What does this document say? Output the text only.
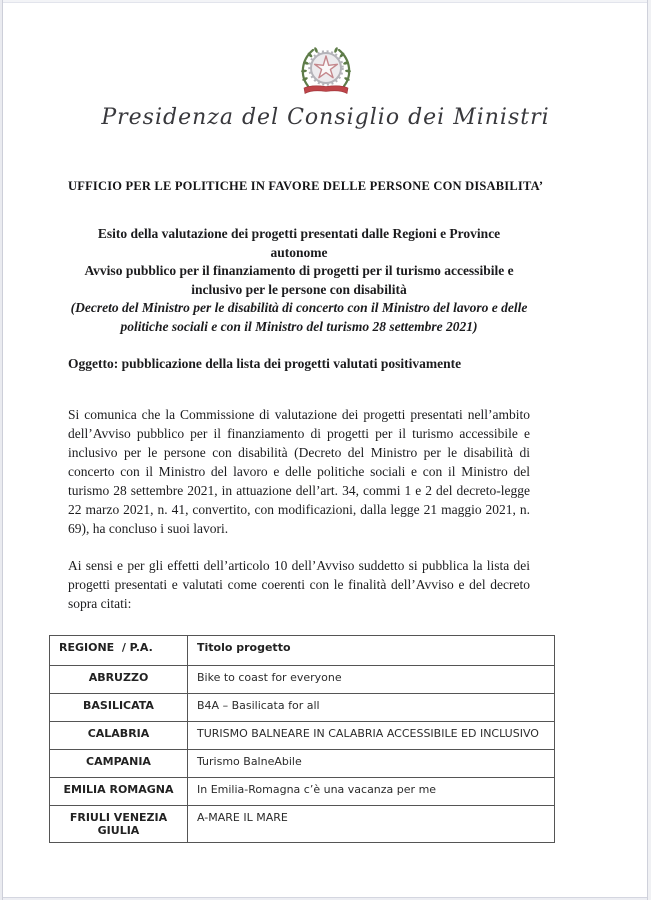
Presidenza del Consiglio dei Ministri
UFFICIO PER LE POLITICHE IN FAVORE DELLE PERSONE CON DISABILITA’
Esito della valutazione dei progetti presentati dalle Regioni e Province autonome
Avviso pubblico per il finanziamento di progetti per il turismo accessibile e
inclusivo per le persone con disabilità
(Decreto del Ministro per le disabilità di concerto con il Ministro del lavoro e delle
politiche sociali e con il Ministro del turismo 28 settembre 2021)
Oggetto: pubblicazione della lista dei progetti valutati positivamente

Si comunica che la Commissione di valutazione dei progetti presentati nell’ambito dell’Avviso pubblico per il finanziamento di progetti per il turismo accessibile e inclusivo per le persone con disabilità (Decreto del Ministro per le disabilità di concerto con il Ministro del lavoro e delle politiche sociali e con il Ministro del turismo 28 settembre 2021, in attuazione dell’art. 34, commi 1 e 2 del decreto-legge 22 marzo 2021, n. 41, convertito, con modificazioni, dalla legge 21 maggio 2021, n. 69), ha concluso i suoi lavori.

Ai sensi e per gli effetti dell’articolo 10 dell’Avviso suddetto si pubblica la lista dei progetti presentati e valutati come coerenti con le finalità dell’Avviso e del decreto sopra citati:

REGIONE  / P.A.	Titolo progetto
ABRUZZO	Bike to coast for everyone
BASILICATA	B4A – Basilicata for all
CALABRIA	TURISMO BALNEARE IN CALABRIA ACCESSIBILE ED INCLUSIVO
CAMPANIA	Turismo BalneAbile
EMILIA ROMAGNA	In Emilia-Romagna c’è una vacanza per me
FRIULI VENEZIA GIULIA	A-MARE IL MARE
